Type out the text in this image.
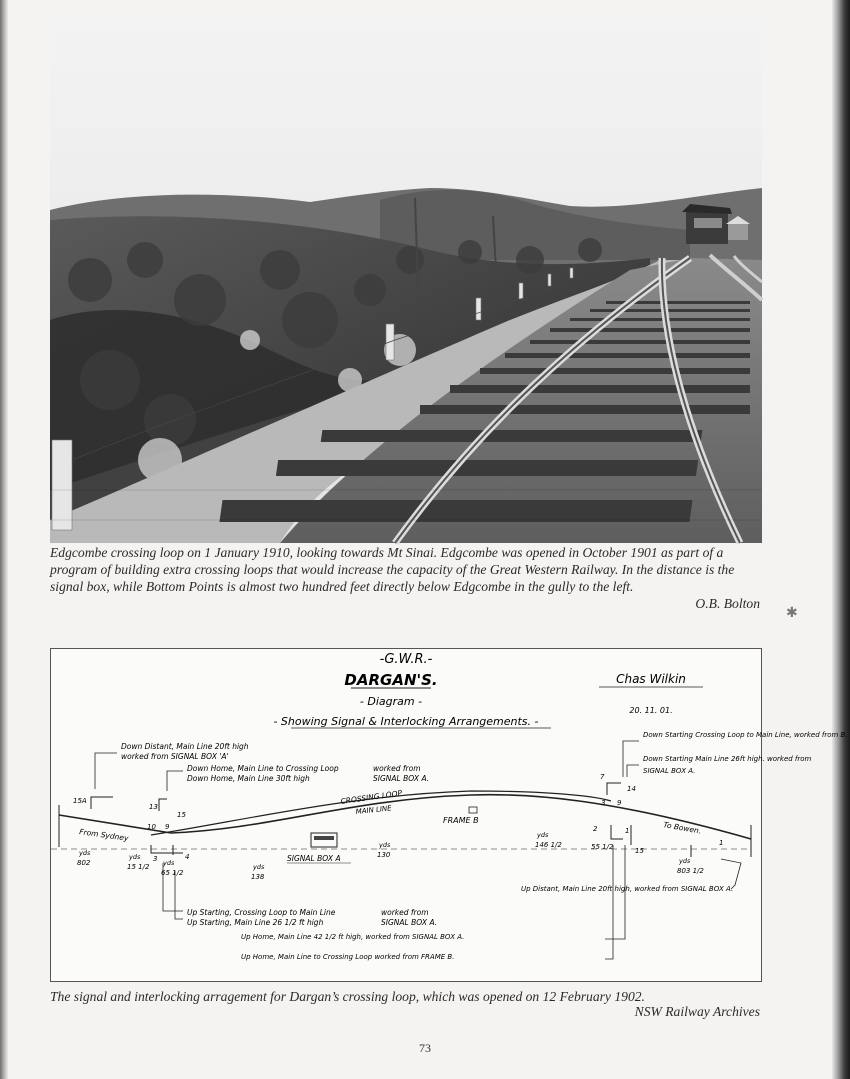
Edgcombe crossing loop on 1 January 1910, looking towards Mt Sinai. Edgcombe was opened in October 1901 as part of a program of building extra crossing loops that would increase the capacity of the Great Western Railway. In the distance is the signal box, while Bottom Points is almost two hundred feet directly below Edgcombe in the gully to the left.
O.B. Bolton
✱
-G.W.R.-
DARGAN'S.
- Diagram -
- Showing Signal & Interlocking Arrangements. -
Chas Wilkin
20. 11. 01.
CROSSING LOOP
MAIN LINE
FRAME B
SIGNAL BOX A
From Sydney	To Bowen.
15A
13
15
10 9
3	4
2	1
3 9
14
7
1
yds
802
yds
15 1/2 yds
65 1/2
yds
138
yds
130
yds
146 1/2	55 1/2	15
yds
803 1/2
Down Distant, Main Line 20ft high
worked from SIGNAL BOX 'A'
Down Home, Main Line to Crossing Loop
Down Home, Main Line 30ft high
worked from
SIGNAL BOX A.
Down Starting Crossing Loop to Main Line, worked from B.
Down Starting Main Line 26ft high. worked from
SIGNAL BOX A.
Up Starting, Crossing Loop to Main Line
Up Starting, Main Line 26 1/2 ft high
worked from
SIGNAL BOX A.
Up Distant, Main Line 20ft high, worked from SIGNAL BOX A.
Up Home, Main Line 42 1/2 ft high, worked from SIGNAL BOX A.
Up Home, Main Line to Crossing Loop worked from FRAME B.
The signal and interlocking arragement for Dargan’s crossing loop, which was opened on 12 February 1902.
NSW Railway Archives
73
